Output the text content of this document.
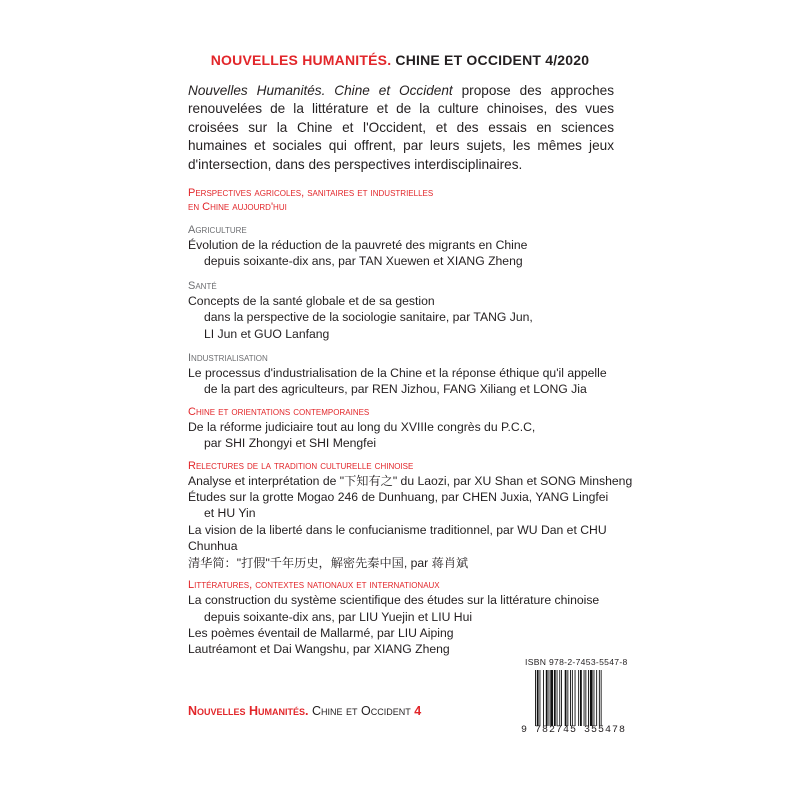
NOUVELLES HUMANITÉS. CHINE ET OCCIDENT 4/2020
Nouvelles Humanités. Chine et Occident propose des approches renouvelées de la littérature et de la culture chinoises, des vues croisées sur la Chine et l'Occident, et des essais en sciences humaines et sociales qui offrent, par leurs sujets, les mêmes jeux d'intersection, dans des perspectives interdisciplinaires.
Perspectives agricoles, sanitaires et industrielles
en Chine aujourd'hui
Agriculture
Évolution de la réduction de la pauvreté des migrants en Chine
depuis soixante-dix ans, par TAN Xuewen et XIANG Zheng
Santé
Concepts de la santé globale et de sa gestion
dans la perspective de la sociologie sanitaire, par TANG Jun,
LI Jun et GUO Lanfang
Industrialisation
Le processus d'industrialisation de la Chine et la réponse éthique qu'il appelle
de la part des agriculteurs, par REN Jizhou, FANG Xiliang et LONG Jia
Chine et orientations contemporaines
De la réforme judiciaire tout au long du XVIIIe congrès du P.C.C,
par SHI Zhongyi et SHI Mengfei
Relectures de la tradition culturelle chinoise
Analyse et interprétation de "下知有之" du Laozi, par XU Shan et SONG Minsheng
Études sur la grotte Mogao 246 de Dunhuang, par CHEN Juxia, YANG Lingfei
et HU Yin
La vision de la liberté dans le confucianisme traditionnel, par WU Dan et CHU Chunhua
清华简："打假"千年历史，解密先秦中国, par 蒋肖斌
Littératures, contextes nationaux et internationaux
La construction du système scientifique des études sur la littérature chinoise
depuis soixante-dix ans, par LIU Yuejin et LIU Hui
Les poèmes éventail de Mallarmé, par LIU Aiping
Lautréamont et Dai Wangshu, par XIANG Zheng
Nouvelles Humanités. Chine et Occident 4
ISBN 978-2-7453-5547-8
9 782745 355478
